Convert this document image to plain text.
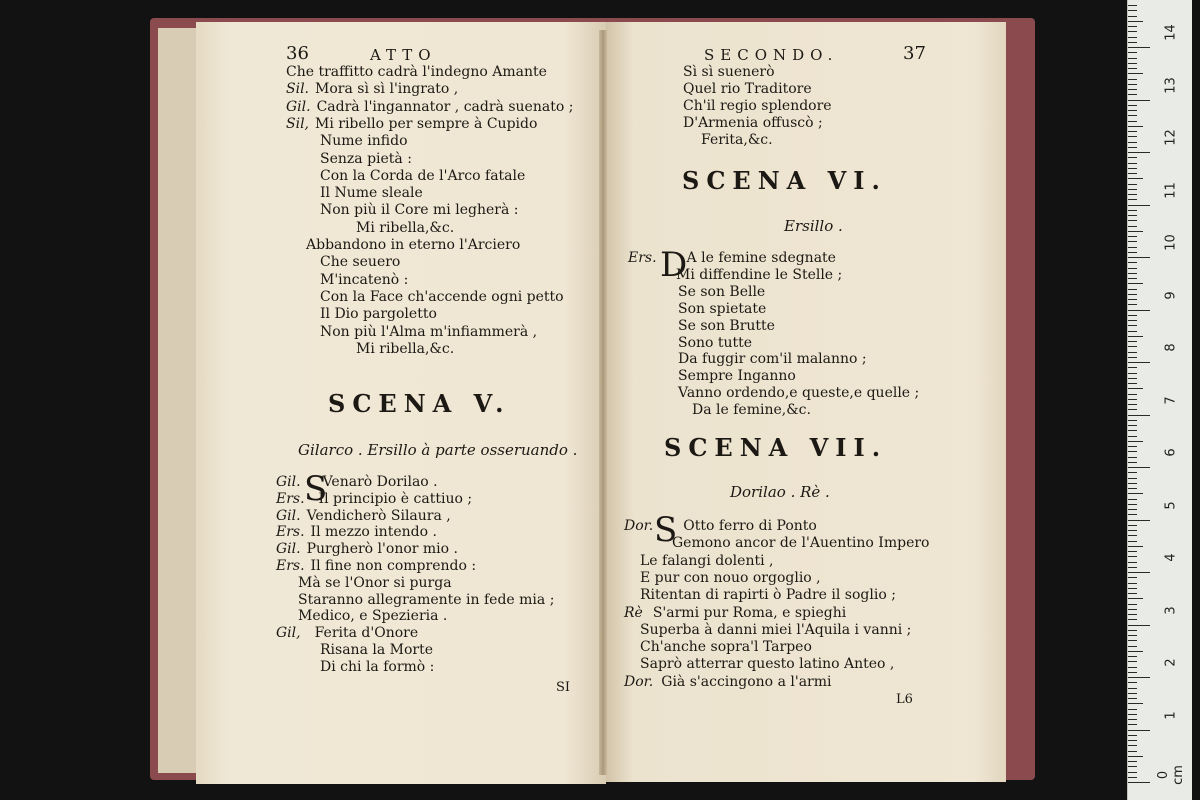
36	ATTO
Che traffitto cadrà l'indegno Amante
Sil. Mora sì sì l'ingrato ,
Gil. Cadrà l'ingannator , cadrà suenato ;
Sil, Mi ribello per sempre à Cupido
Nume infido
Senza pietà :
Con la Corda de l'Arco fatale
Il Nume sleale
Non più il Core mi legherà :
Mi ribella,&c.
Abbandono in eterno l'Arciero
Che seuero
M'incatenò :
Con la Face ch'accende ogni petto
Il Dio pargoletto
Non più l'Alma m'infiammerà ,
Mi ribella,&c.
SCENA V.
Gilarco . Ersillo à parte osseruando .
S
Gil. Venarò Dorilao .
Ers. Il principio è cattiuo ;
Gil. Vendicherò Silaura ,
Ers. Il mezzo intendo .
Gil. Purgherò l'onor mio .
Ers. Il fine non comprendo :
Mà se l'Onor si purga
Staranno allegramente in fede mia ;
Medico, e Spezieria .
Gil, Ferita d'Onore
Risana la Morte
Di chi la formò :
SI
SECONDO.	37
Sì sì suenerò
Quel rio Traditore
Ch'il regio splendore
D'Armenia offuscò ;
Ferita,&c.
SCENA VI.
Ersillo .
D
Ers. A le femine sdegnate
Mi diffendine le Stelle ;
Se son Belle
Son spietate
Se son Brutte
Sono tutte
Da fuggir com'il malanno ;
Sempre Inganno
Vanno ordendo,e queste,e quelle ;
Da le femine,&c.
SCENA VII.
Dorilao . Rè .
S
Dor. Otto ferro di Ponto
Gemono ancor de l'Auentino Impero
Le falangi dolenti ,
E pur con nouo orgoglio ,
Ritentan di rapirti ò Padre il soglio ;
Rè S'armi pur Roma, e spieghi
Superba à danni miei l'Aquila i vanni ;
Ch'anche sopra'l Tarpeo
Saprò atterrar questo latino Anteo ,
Dor. Già s'accingono a l'armi
L6
0 cm
1
2
3
4
5
6
7
8
9
10
11
12
13
14
